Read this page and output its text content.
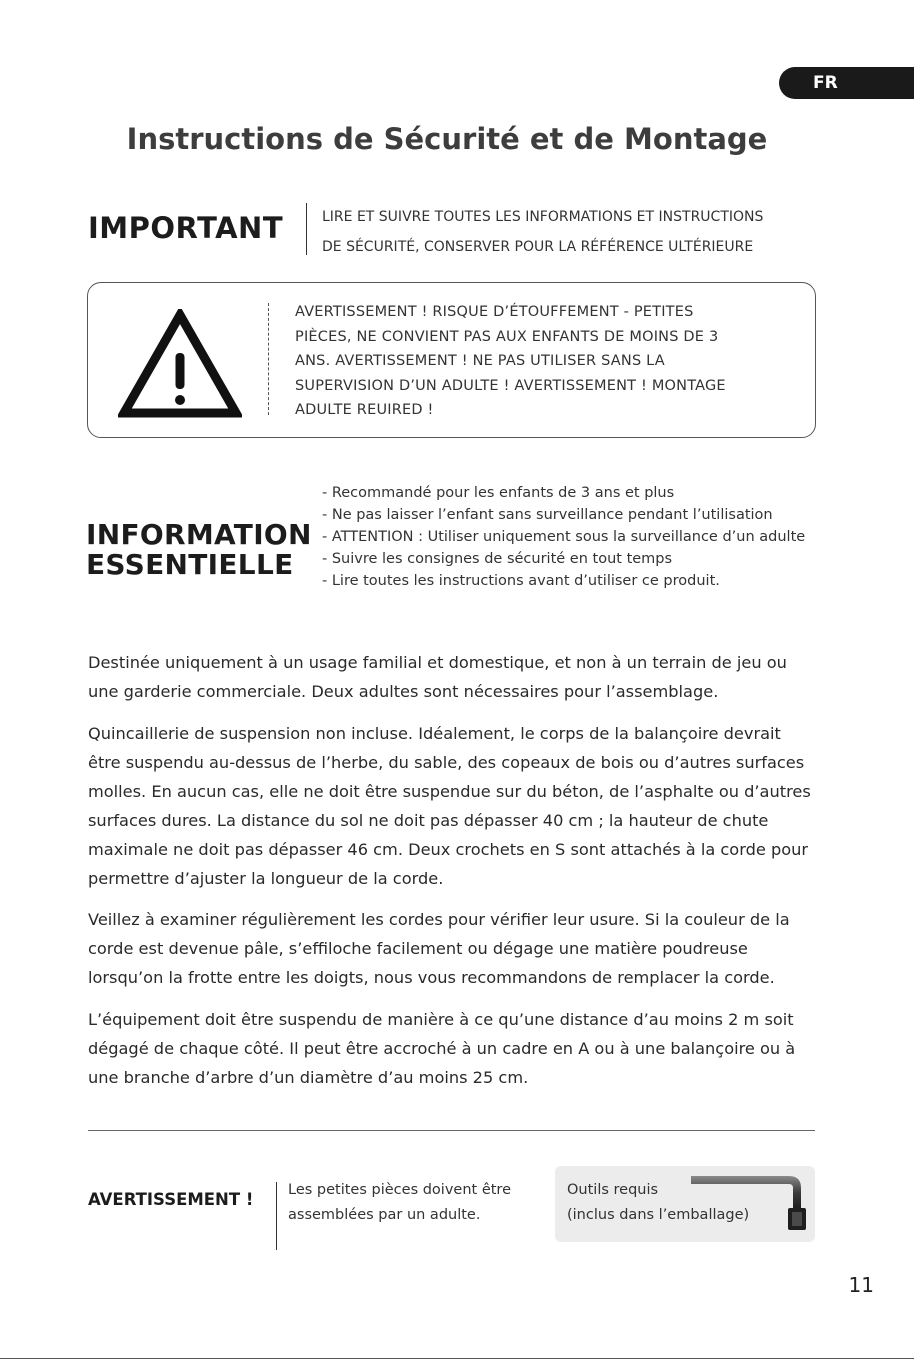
FR
Instructions de Sécurité et de Montage
IMPORTANT	LIRE ET SUIVRE TOUTES LES INFORMATIONS ET INSTRUCTIONS
DE SÉCURITÉ, CONSERVER POUR LA RÉFÉRENCE ULTÉRIEURE
AVERTISSEMENT ! RISQUE D’ÉTOUFFEMENT - PETITES
PIÈCES, NE CONVIENT PAS AUX ENFANTS DE MOINS DE 3
ANS. AVERTISSEMENT ! NE PAS UTILISER SANS LA
SUPERVISION D’UN ADULTE ! AVERTISSEMENT ! MONTAGE
ADULTE REUIRED !
INFORMATION
ESSENTIELLE
- Recommandé pour les enfants de 3 ans et plus
- Ne pas laisser l’enfant sans surveillance pendant l’utilisation
- ATTENTION : Utiliser uniquement sous la surveillance d’un adulte
- Suivre les consignes de sécurité en tout temps
- Lire toutes les instructions avant d’utiliser ce produit.

Destinée uniquement à un usage familial et domestique, et non à un terrain de jeu ou une garderie commerciale. Deux adultes sont nécessaires pour l’assemblage.

Quincaillerie de suspension non incluse. Idéalement, le corps de la balançoire devrait être suspendu au-dessus de l’herbe, du sable, des copeaux de bois ou d’autres surfaces molles. En aucun cas, elle ne doit être suspendue sur du béton, de l’asphalte ou d’autres surfaces dures. La distance du sol ne doit pas dépasser 40 cm ; la hauteur de chute maximale ne doit pas dépasser 46 cm. Deux crochets en S sont attachés à la corde pour permettre d’ajuster la longueur de la corde.

Veillez à examiner régulièrement les cordes pour vérifier leur usure. Si la couleur de la corde est devenue pâle, s’effiloche facilement ou dégage une matière poudreuse lorsqu’on la frotte entre les doigts, nous vous recommandons de remplacer la corde.

L’équipement doit être suspendu de manière à ce qu’une distance d’au moins 2 m soit dégagé de chaque côté. Il peut être accroché à un cadre en A ou à une balançoire ou à une branche d’arbre d’un diamètre d’au moins 25 cm.

AVERTISSEMENT ! Les petites pièces doivent être
assemblées par un adulte.
Outils requis
(inclus dans l’emballage)
11
